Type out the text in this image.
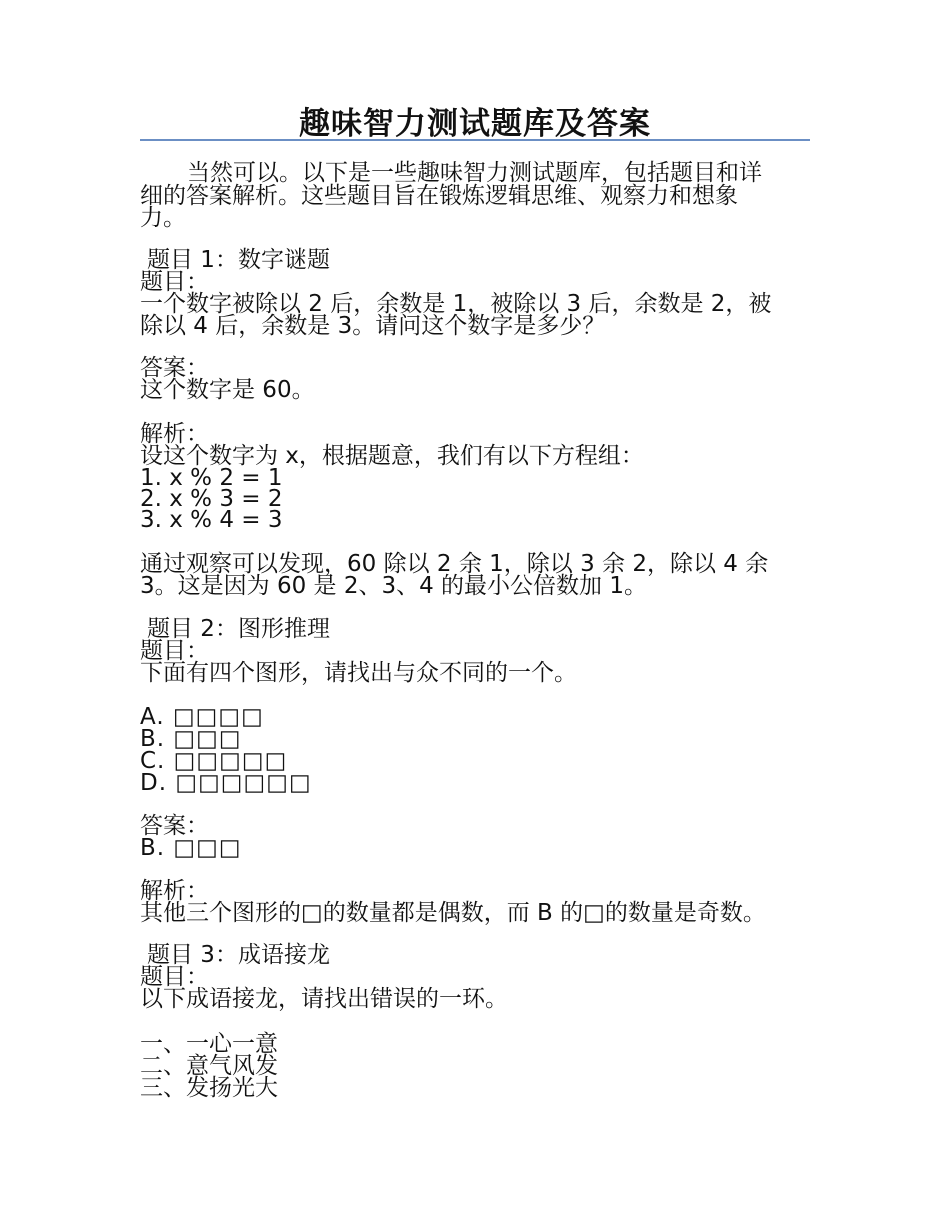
趣味智力测试题库及答案
当然可以。以下是一些趣味智力测试题库，包括题目和详
细的答案解析。这些题目旨在锻炼逻辑思维、观察力和想象
力。
题目 1：数字谜题
题目：
一个数字被除以 2 后，余数是 1，被除以 3 后，余数是 2，被
除以 4 后，余数是 3。请问这个数字是多少？
答案：
这个数字是 60。
解析：
设这个数字为 x，根据题意，我们有以下方程组：
1. x % 2 = 1
2. x % 3 = 2
3. x % 4 = 3
通过观察可以发现，60 除以 2 余 1，除以 3 余 2，除以 4 余
3。这是因为 60 是 2、3、4 的最小公倍数加 1。
题目 2：图形推理
题目：
下面有四个图形，请找出与众不同的一个。
A. □□□□
B. □□□
C. □□□□□
D. □□□□□□
答案：
B. □□□
解析：
其他三个图形的□的数量都是偶数，而 B 的□的数量是奇数。
题目 3：成语接龙
题目：
以下成语接龙，请找出错误的一环。
一、一心一意
二、意气风发
三、发扬光大
